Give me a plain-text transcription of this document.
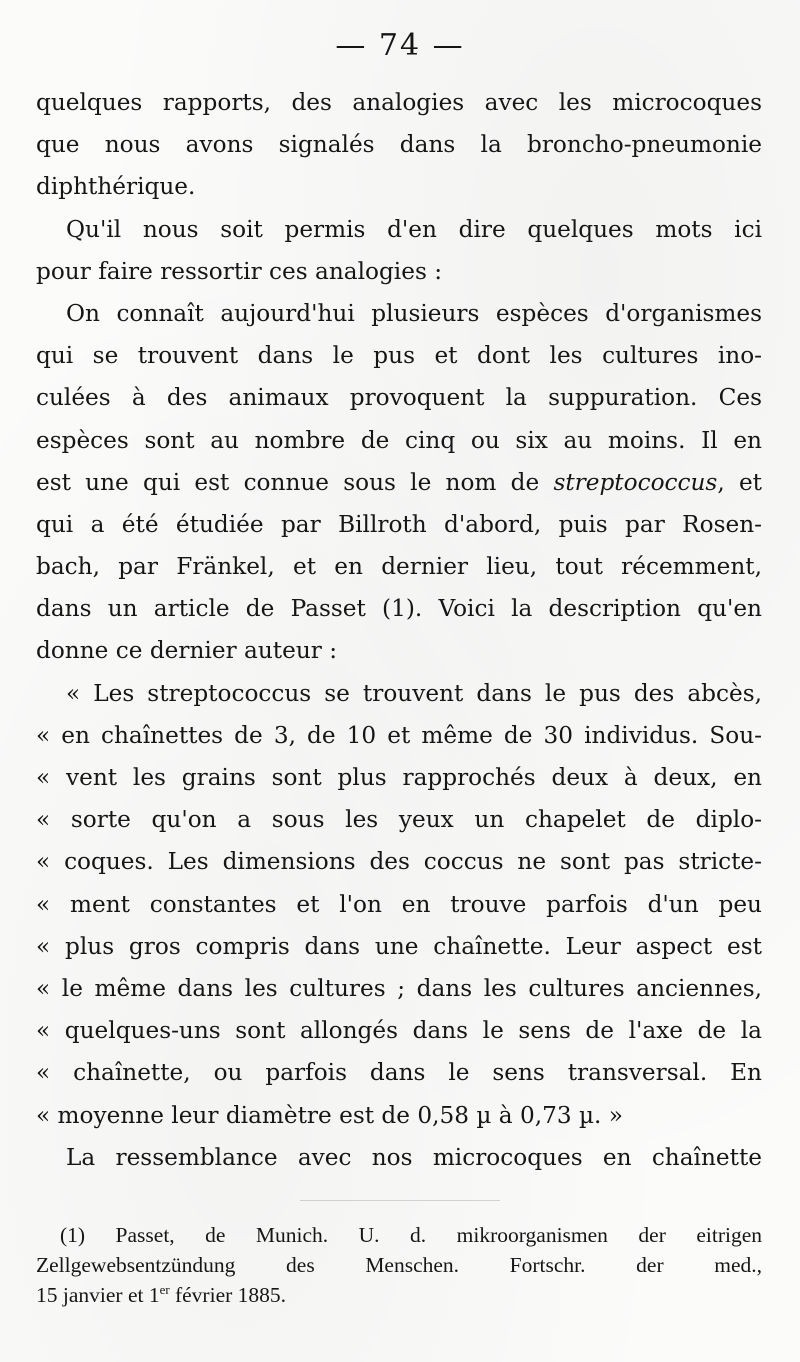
— 74 —
quelques rapports, des analogies avec les microcoques
que nous avons signalés dans la broncho-pneumonie
diphthérique.
Qu'il nous soit permis d'en dire quelques mots ici
pour faire ressortir ces analogies :
On connaît aujourd'hui plusieurs espèces d'organismes
qui se trouvent dans le pus et dont les cultures ino-
culées à des animaux provoquent la suppuration. Ces
espèces sont au nombre de cinq ou six au moins. Il en
est une qui est connue sous le nom de streptococcus, et
qui a été étudiée par Billroth d'abord, puis par Rosen-
bach, par Fränkel, et en dernier lieu, tout récemment,
dans un article de Passet (1). Voici la description qu'en
donne ce dernier auteur :
« Les streptococcus se trouvent dans le pus des abcès,
« en chaînettes de 3, de 10 et même de 30 individus. Sou-
« vent les grains sont plus rapprochés deux à deux, en
« sorte qu'on a sous les yeux un chapelet de diplo-
« coques. Les dimensions des coccus ne sont pas stricte-
« ment constantes et l'on en trouve parfois d'un peu
« plus gros compris dans une chaînette. Leur aspect est
« le même dans les cultures ; dans les cultures anciennes,
« quelques-uns sont allongés dans le sens de l'axe de la
« chaînette, ou parfois dans le sens transversal. En
« moyenne leur diamètre est de 0,58 µ à 0,73 µ. »
La ressemblance avec nos microcoques en chaînette
(1) Passet, de Munich. U. d. mikroorganismen der eitrigen
Zellgewebsentzündung des Menschen. Fortschr. der med.,
15 janvier et 1er février 1885.
